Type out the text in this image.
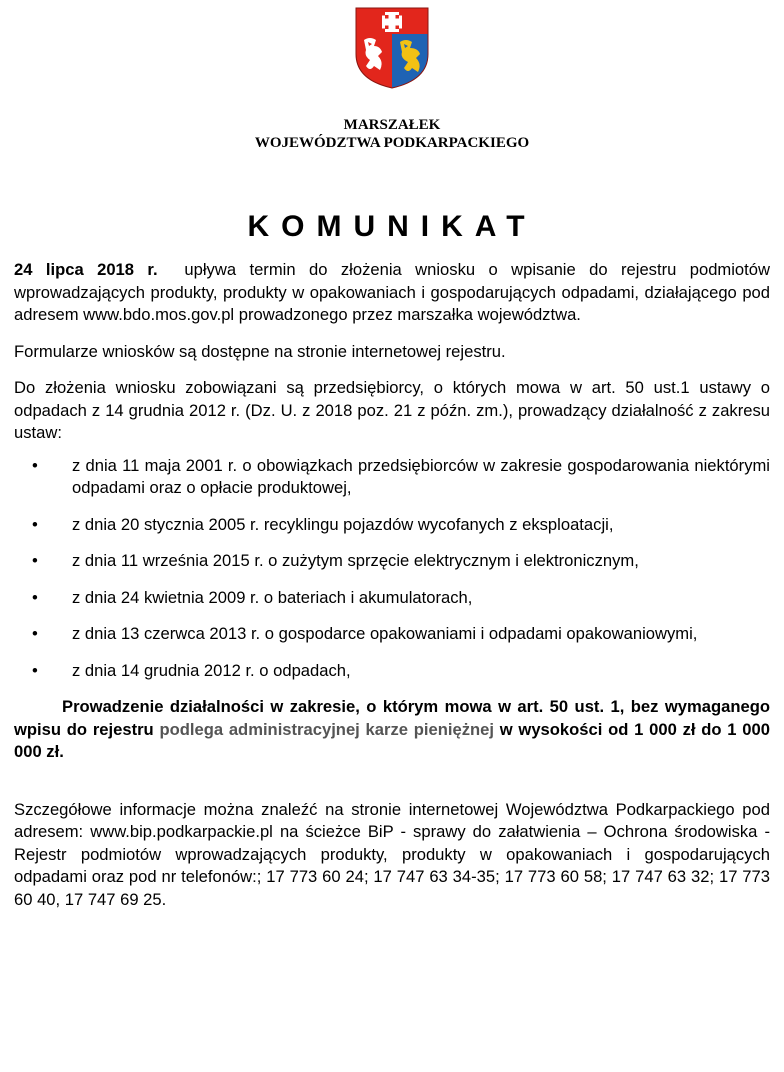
MARSZAŁEK
WOJEWÓDZTWA PODKARPACKIEGO
KOMUNIKAT

24 lipca 2018 r. upływa termin do złożenia wniosku o wpisanie do rejestru podmiotów wprowadzających produkty, produkty w opakowaniach i gospodarujących odpadami, działającego pod adresem www.bdo.mos.gov.pl prowadzonego przez marszałka województwa.

Formularze wniosków są dostępne na stronie internetowej rejestru.

Do złożenia wniosku zobowiązani są przedsiębiorcy, o których mowa w art. 50 ust.1 ustawy o odpadach z 14 grudnia 2012 r. (Dz. U. z 2018 poz. 21 z późn. zm.), prowadzący działalność z zakresu ustaw:

• z dnia 11 maja 2001 r. o obowiązkach przedsiębiorców w zakresie gospodarowania niektórymi odpadami oraz o opłacie produktowej,
• z dnia 20 stycznia 2005 r. recyklingu pojazdów wycofanych z eksploatacji,
• z dnia 11 września 2015 r. o zużytym sprzęcie elektrycznym i elektronicznym,
• z dnia 24 kwietnia 2009 r. o bateriach i akumulatorach,
• z dnia 13 czerwca 2013 r. o gospodarce opakowaniami i odpadami opakowaniowymi,
• z dnia 14 grudnia 2012 r. o odpadach,

Prowadzenie działalności w zakresie, o którym mowa w art. 50 ust. 1, bez wymaganego wpisu do rejestru podlega administracyjnej karze pieniężnej w wysokości od 1 000 zł do 1 000 000 zł.

Szczegółowe informacje można znaleźć na stronie internetowej Województwa Podkarpackiego pod adresem: www.bip.podkarpackie.pl na ścieżce BiP - sprawy do załatwienia – Ochrona środowiska - Rejestr podmiotów wprowadzających produkty, produkty w opakowaniach i gospodarujących odpadami oraz pod nr telefonów:; 17 773 60 24; 17 747 63 34-35; 17 773 60 58; 17 747 63 32; 17 773 60 40, 17 747 69 25.
